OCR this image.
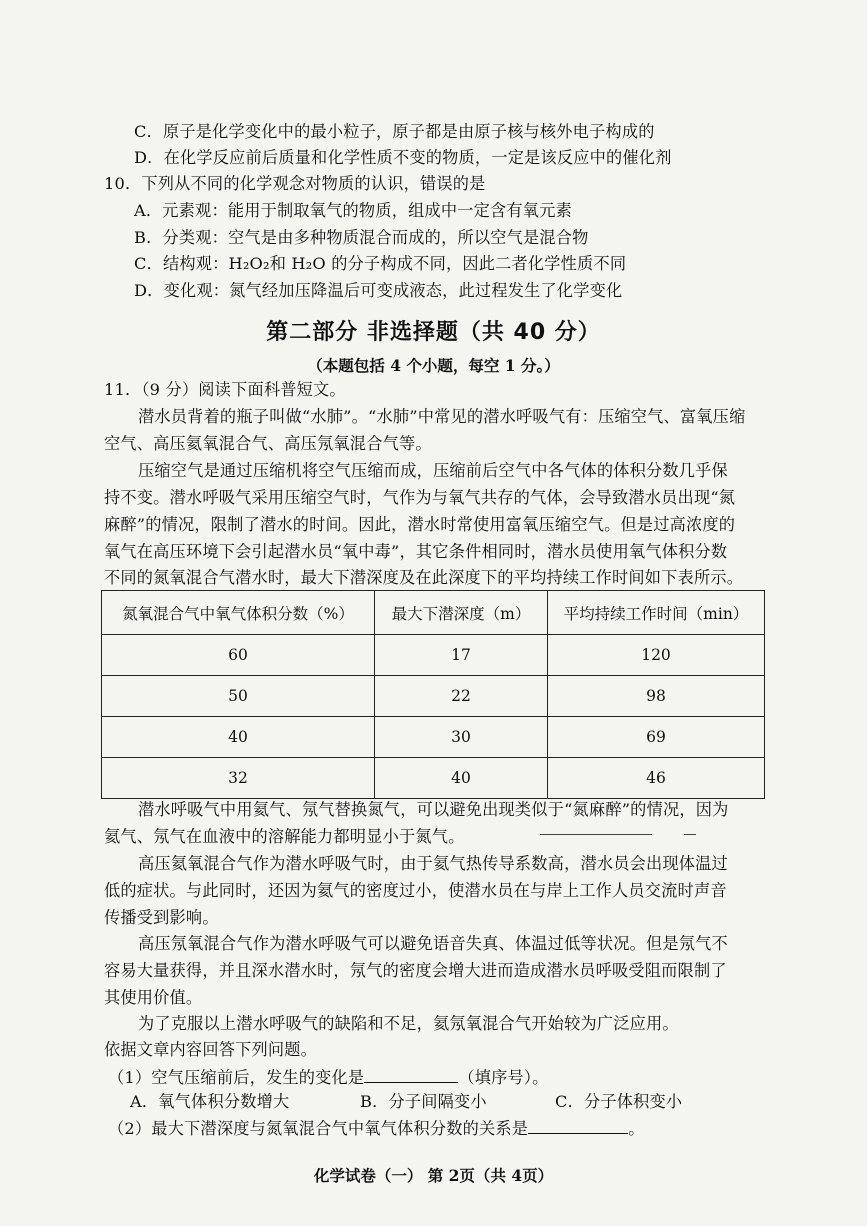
C．原子是化学变化中的最小粒子，原子都是由原子核与核外电子构成的
D．在化学反应前后质量和化学性质不变的物质，一定是该反应中的催化剂
10．下列从不同的化学观念对物质的认识，错误的是
A．元素观：能用于制取氧气的物质，组成中一定含有氧元素
B．分类观：空气是由多种物质混合而成的，所以空气是混合物
C．结构观：H₂O₂和 H₂O 的分子构成不同，因此二者化学性质不同
D．变化观：氮气经加压降温后可变成液态，此过程发生了化学变化
第二部分 非选择题（共 40 分）
（本题包括 4 个小题，每空 1 分。）
11．（9 分）阅读下面科普短文。
潜水员背着的瓶子叫做“水肺”。“水肺”中常见的潜水呼吸气有：压缩空气、富氧压缩
空气、高压氦氧混合气、高压氖氧混合气等。
压缩空气是通过压缩机将空气压缩而成，压缩前后空气中各气体的体积分数几乎保
持不变。潜水呼吸气采用压缩空气时，气作为与氧气共存的气体，会导致潜水员出现“氮
麻醉”的情况，限制了潜水的时间。因此，潜水时常使用富氧压缩空气。但是过高浓度的
氧气在高压环境下会引起潜水员“氧中毒”，其它条件相同时，潜水员使用氧气体积分数
不同的氮氧混合气潜水时，最大下潜深度及在此深度下的平均持续工作时间如下表所示。
氮氧混合气中氧气体积分数（%）	最大下潜深度（m）	平均持续工作时间（min）
60	17	120
50	22	98
40	30	69
32	40	46
潜水呼吸气中用氦气、氖气替换氮气，可以避免出现类似于“氮麻醉”的情况，因为
氦气、氖气在血液中的溶解能力都明显小于氮气。
高压氦氧混合气作为潜水呼吸气时，由于氦气热传导系数高，潜水员会出现体温过
低的症状。与此同时，还因为氦气的密度过小，使潜水员在与岸上工作人员交流时声音
传播受到影响。
高压氖氧混合气作为潜水呼吸气可以避免语音失真、体温过低等状况。但是氖气不
容易大量获得，并且深水潜水时，氖气的密度会增大进而造成潜水员呼吸受阻而限制了
其使用价值。
为了克服以上潜水呼吸气的缺陷和不足，氦氖氧混合气开始较为广泛应用。
依据文章内容回答下列问题。
（1）空气压缩前后，发生的变化是	（填序号）。
A．氧气体积分数增大	B．分子间隔变小	C．分子体积变小
（2）最大下潜深度与氮氧混合气中氧气体积分数的关系是	。
化学试卷（一） 第 2页（共 4页）
